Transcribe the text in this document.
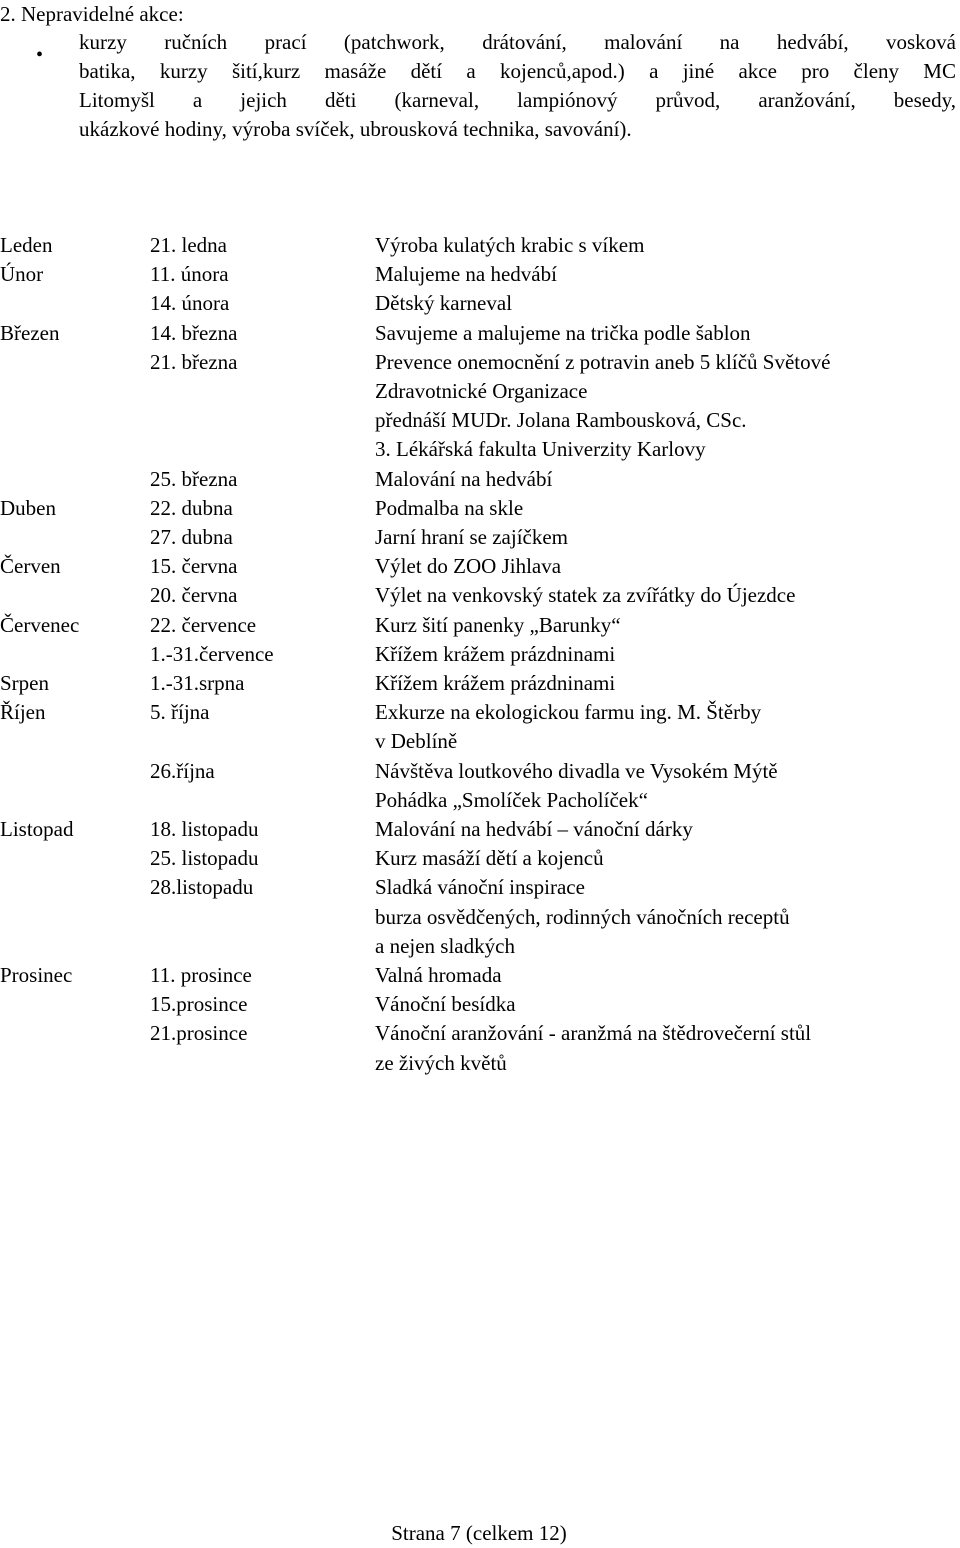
2. Nepravidelné akce:
•

kurzy ručních prací (patchwork, drátování, malování na hedvábí, vosková
batika, kurzy šití,kurz masáže dětí a kojenců,apod.) a jiné akce pro členy MC
Litomyšl a jejich děti (karneval, lampiónový průvod, aranžování, besedy,
ukázkové hodiny, výroba svíček, ubrousková technika, savování).

Leden	21. ledna	Výroba kulatých krabic s víkem
Únor	11. února	Malujeme na hedvábí
14. února	Dětský karneval
Březen	14. března	Savujeme a malujeme na trička podle šablon
21. března	Prevence onemocnění z potravin aneb 5 klíčů Světové
Zdravotnické Organizace
přednáší MUDr. Jolana Rambousková, CSc.
3. Lékářská fakulta Univerzity Karlovy
25. března	Malování na hedvábí
Duben	22. dubna	Podmalba na skle
27. dubna	Jarní hraní se zajíčkem
Červen	15. června	Výlet do ZOO Jihlava
20. června	Výlet na venkovský statek za zvířátky do Újezdce
Červenec	22. července	Kurz šití panenky „Barunky“
1.-31.července	Křížem krážem prázdninami
Srpen	1.-31.srpna	Křížem krážem prázdninami
Říjen	5. října	Exkurze na ekologickou farmu ing. M. Štěrby
v Deblíně
26.října	Návštěva loutkového divadla ve Vysokém Mýtě
Pohádka „Smolíček Pacholíček“
Listopad	18. listopadu	Malování na hedvábí – vánoční dárky
25. listopadu	Kurz masáží dětí a kojenců
28.listopadu	Sladká vánoční inspirace
burza osvědčených, rodinných vánočních receptů
a nejen sladkých
Prosinec	11. prosince	Valná hromada
15.prosince	Vánoční besídka
21.prosince	Vánoční aranžování - aranžmá na štědrovečerní stůl
ze živých květů
Strana 7 (celkem 12)
